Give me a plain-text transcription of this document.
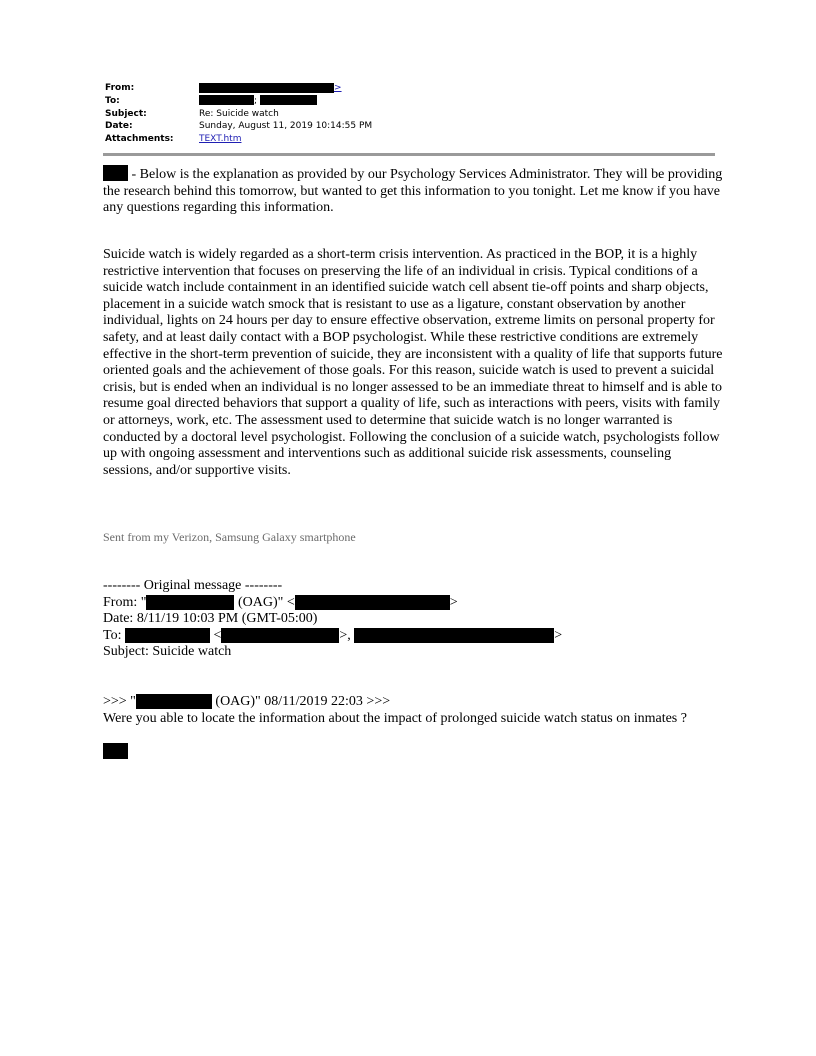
From:	>
To:	;
Subject:	Re: Suicide watch
Date:	Sunday, August 11, 2019 10:14:55 PM
Attachments:	TEXT.htm

- Below is the explanation as provided by our Psychology Services Administrator. They will be providing the research behind this tomorrow, but wanted to get this information to you tonight. Let me know if you have any questions regarding this information.

Suicide watch is widely regarded as a short-term crisis intervention. As practiced in the BOP, it is a highly restrictive intervention that focuses on preserving the life of an individual in crisis. Typical conditions of a suicide watch include containment in an identified suicide watch cell absent tie-off points and sharp objects, placement in a suicide watch smock that is resistant to use as a ligature, constant observation by another individual, lights on 24 hours per day to ensure effective observation, extreme limits on personal property for safety, and at least daily contact with a BOP psychologist. While these restrictive conditions are extremely effective in the short-term prevention of suicide, they are inconsistent with a quality of life that supports future oriented goals and the achievement of those goals. For this reason, suicide watch is used to prevent a suicidal crisis, but is ended when an individual is no longer assessed to be an immediate threat to himself and is able to resume goal directed behaviors that support a quality of life, such as interactions with peers, visits with family or attorneys, work, etc. The assessment used to determine that suicide watch is no longer warranted is conducted by a doctoral level psychologist. Following the conclusion of a suicide watch, psychologists follow up with ongoing assessment and interventions such as additional suicide risk assessments, counseling sessions, and/or supportive visits.

Sent from my Verizon, Samsung Galaxy smartphone
-------- Original message --------
From: "	(OAG)" <	>
Date: 8/11/19 10:03 PM (GMT-05:00)
To:	<	>,	>
Subject: Suicide watch
>>> "	(OAG)" 08/11/2019 22:03 >>>
Were you able to locate the information about the impact of prolonged suicide watch status on inmates ?
